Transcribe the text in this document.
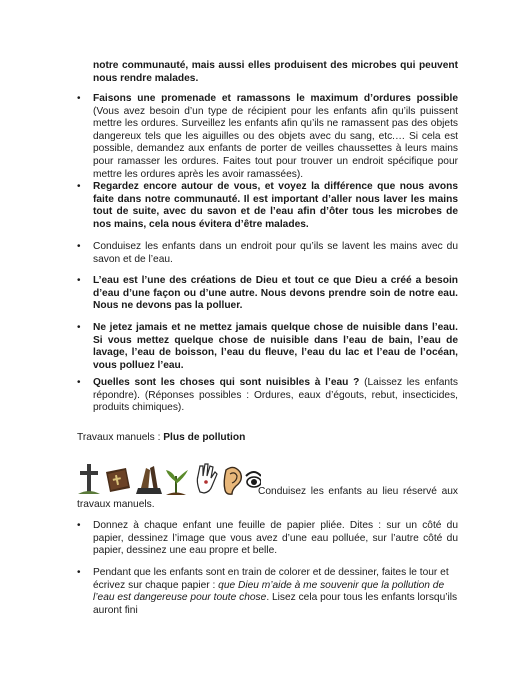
notre communauté, mais aussi elles produisent des microbes qui peuvent nous rendre malades.
• Faisons une promenade et ramassons le maximum d’ordures possible (Vous avez besoin d’un type de récipient pour les enfants afin qu’ils puissent mettre les ordures. Surveillez les enfants afin qu’ils ne ramassent pas des objets dangereux tels que les aiguilles ou des objets avec du sang, etc.… Si cela est possible, demandez aux enfants de porter de veilles chaussettes à leurs mains pour ramasser les ordures. Faites tout pour trouver un endroit spécifique pour mettre les ordures après les avoir ramassées).
• Regardez encore autour de vous, et voyez la différence que nous avons faite dans notre communauté. Il est important d’aller nous laver les mains tout de suite, avec du savon et de l’eau afin d’ôter tous les microbes de nos mains, cela nous évitera d’être malades.
• Conduisez les enfants dans un endroit pour qu’ils se lavent les mains avec du savon et de l’eau.
• L’eau est l’une des créations de Dieu et tout ce que Dieu a créé a besoin d’eau d’une façon ou d’une autre. Nous devons prendre soin de notre eau. Nous ne devons pas la polluer.
• Ne jetez jamais et ne mettez jamais quelque chose de nuisible dans l’eau. Si vous mettez quelque chose de nuisible dans l’eau de bain, l’eau de lavage, l’eau de boisson, l’eau du fleuve, l’eau du lac et l’eau de l’océan, vous polluez l’eau.
• Quelles sont les choses qui sont nuisibles à l’eau ? (Laissez les enfants répondre). (Réponses possibles : Ordures, eaux d’égouts, rebut, insecticides, produits chimiques).
Travaux manuels : Plus de pollution
Conduisez les enfants au lieu réservé aux travaux manuels.
• Donnez à chaque enfant une feuille de papier pliée. Dites : sur un côté du papier, dessinez l’image que vous avez d’une eau polluée, sur l’autre côté du papier, dessinez une eau propre et belle.
• Pendant que les enfants sont en train de colorer et de dessiner, faites le tour et écrivez sur chaque papier : que Dieu m’aide à me souvenir que la pollution de l’eau est dangereuse pour toute chose. Lisez cela pour tous les enfants lorsqu’ils auront fini
